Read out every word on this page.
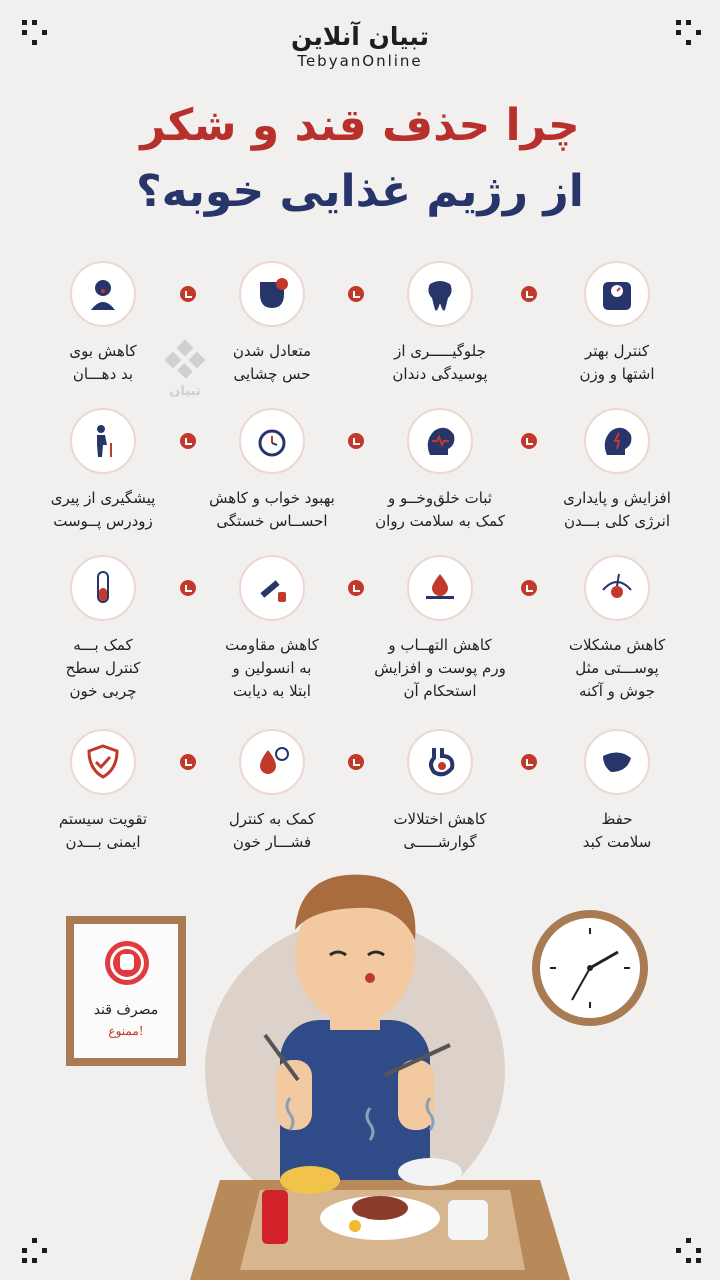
تبیان آنلاین
TebyanOnline
چرا حذف قند و شکر
از رژیم غذایی خوبه؟
تبیان
کنترل بهتر
اشتها و وزن
جلوگیـــــری از
پوسیدگی دندان
متعادل شدن
حس چشایی
کاهش بوی
بد دهـــان
افزایش و پایداری
انرژی کلی بـــدن
ثبات خلق‌وخــو و
کمک به سلامت روان
بهبود خواب و کاهش
احســاس خستگی
پیشگیری از پیری
زودرس پــوست
کاهش مشکلات
پوســـتی مثل
جوش و آکنه
کاهش التهــاب و
ورم پوست و افزایش
استحکام آن
کاهش مقاومت
به انسولین و
ابتلا به دیابت
کمک بـــه
کنترل سطح
چربی خون
حفظ
سلامت کبد
کاهش اختلالات
گوارشـــــی
کمک به کنترل
فشـــار خون
تقویت سیستم
ایمنی بـــدن
مصرف قند
ممنوع!
